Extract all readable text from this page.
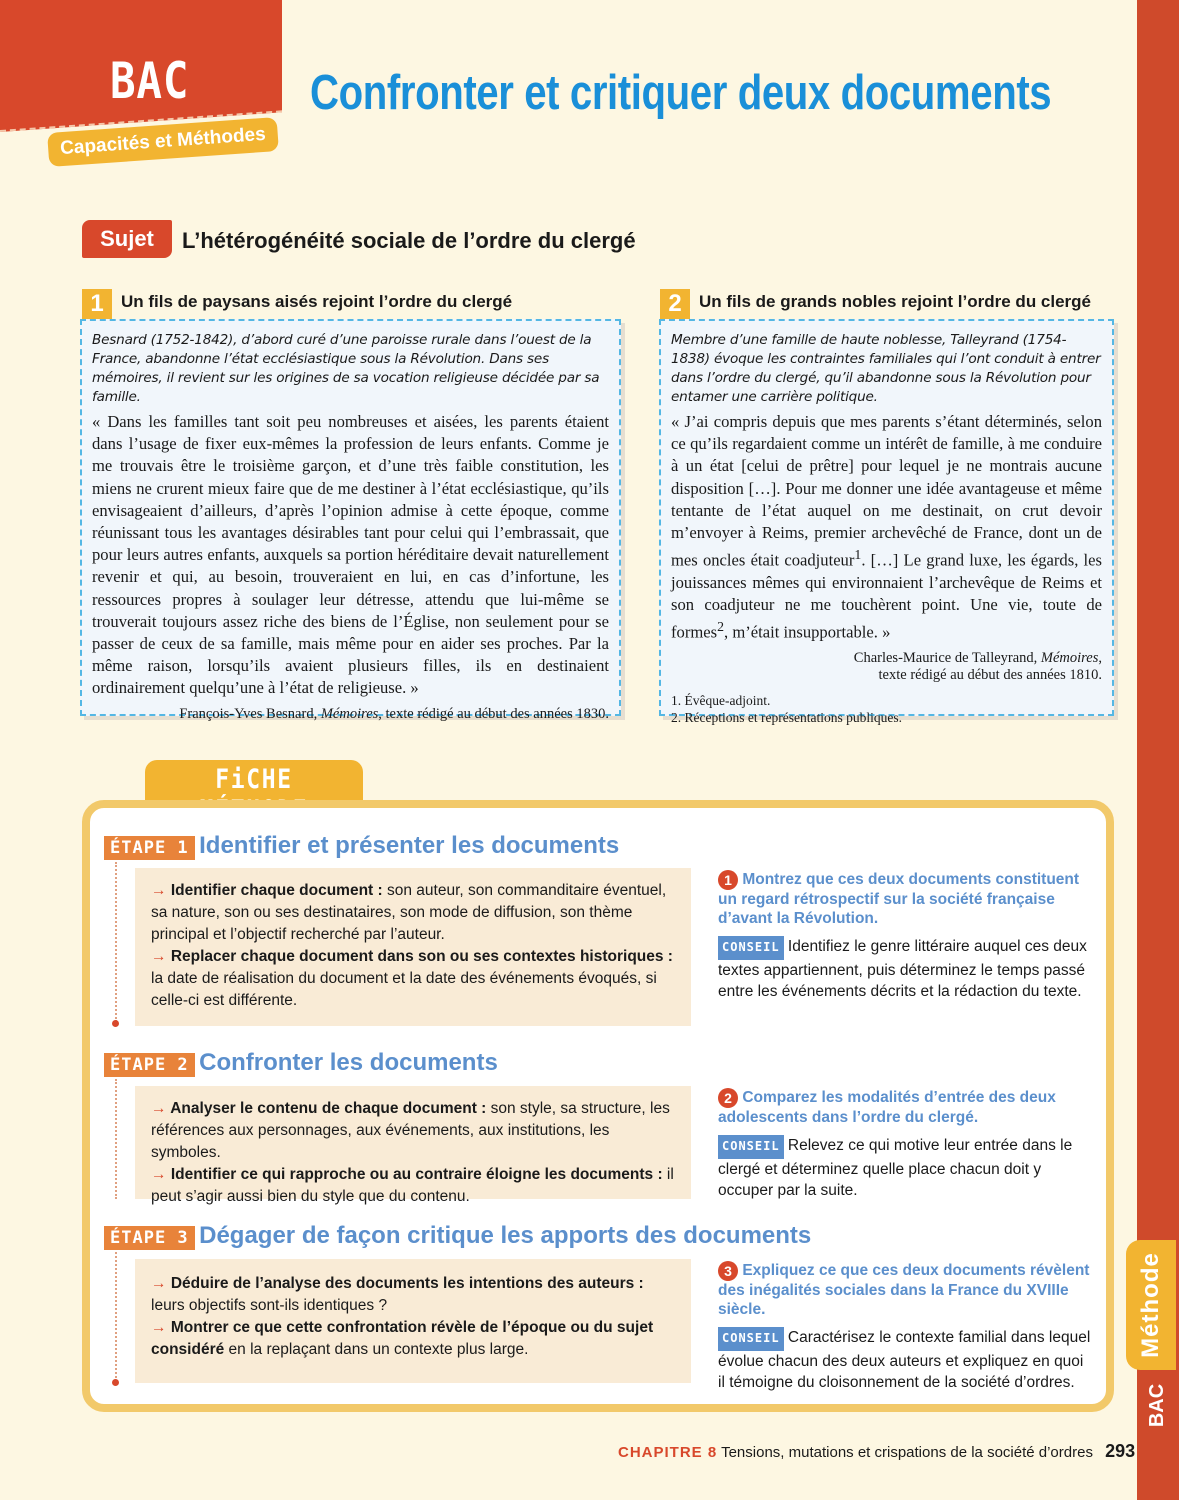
Méthode
BAC
BAC
Capacités et Méthodes
Confronter et critiquer deux documents
Sujet	L’hétérogénéité sociale de l’ordre du clergé
1	Un fils de paysans aisés rejoint l’ordre du clergé

Besnard (1752-1842), d’abord curé d’une paroisse rurale dans l’ouest de la France, abandonne l’état ecclésiastique sous la Révolution. Dans ses mémoires, il revient sur les origines de sa vocation religieuse décidée par sa famille.

« Dans les familles tant soit peu nombreuses et aisées, les parents étaient dans l’usage de fixer eux-mêmes la profession de leurs enfants. Comme je me trouvais être le troisième garçon, et d’une très faible constitution, les miens ne crurent mieux faire que de me destiner à l’état ecclésiastique, qu’ils envisageaient d’ailleurs, d’après l’opinion admise à cette époque, comme réunissant tous les avantages désirables tant pour celui qui l’embrassait, que pour leurs autres enfants, auxquels sa portion héréditaire devait naturellement revenir et qui, au besoin, trouveraient en lui, en cas d’infortune, les ressources propres à soulager leur détresse, attendu que lui-même se trouverait toujours assez riche des biens de l’Église, non seulement pour se passer de ceux de sa famille, mais même pour en aider ses proches. Par la même raison, lorsqu’ils avaient plusieurs filles, ils en destinaient ordinairement quelqu’une à l’état de religieuse. »

François-Yves Besnard, Mémoires, texte rédigé au début des années 1830.

2	Un fils de grands nobles rejoint l’ordre du clergé

Membre d’une famille de haute noblesse, Talleyrand (1754-1838) évoque les contraintes familiales qui l’ont conduit à entrer dans l’ordre du clergé, qu’il abandonne sous la Révolution pour entamer une carrière politique.

« J’ai compris depuis que mes parents s’étant déterminés, selon ce qu’ils regardaient comme un intérêt de famille, à me conduire à un état [celui de prêtre] pour lequel je ne montrais aucune disposition […]. Pour me donner une idée avantageuse et même tentante de l’état auquel on me destinait, on crut devoir m’envoyer à Reims, premier archevêché de France, dont un de mes oncles était coadjuteur$^1$. […] Le grand luxe, les égards, les jouissances mêmes qui environnaient l’archevêque de Reims et son coadjuteur ne me touchèrent point. Une vie, toute de formes$^2$, m’était insupportable. »

Charles-Maurice de Talleyrand, Mémoires,
texte rédigé au début des années 1810.

1. Évêque-adjoint.
2. Réceptions et représentations publiques.
FiCHE
ÉTAPE 1 Identifier et présenter les documents

→ Identifier chaque document : son auteur, son commanditaire éventuel, sa nature, son ou ses destinataires, son mode de diffusion, son thème principal et l’objectif recherché par l’auteur.

→ Replacer chaque document dans son ou ses contextes historiques : la date de réalisation du document et la date des événements évoqués, si celle-ci est différente.

1 Montrez que ces deux documents constituent un regard rétrospectif sur la société française d’avant la Révolution.

CONSEIL Identifiez le genre littéraire auquel ces deux textes appartiennent, puis déterminez le temps passé entre les événements décrits et la rédaction du texte.

ÉTAPE 2 Confronter les documents

→ Analyser le contenu de chaque document : son style, sa structure, les références aux personnages, aux événements, aux institutions, les symboles.

→ Identifier ce qui rapproche ou au contraire éloigne les documents : il peut s’agir aussi bien du style que du contenu.

2 Comparez les modalités d’entrée des deux adolescents dans l’ordre du clergé.

CONSEIL Relevez ce qui motive leur entrée dans le clergé et déterminez quelle place chacun doit y occuper par la suite.

ÉTAPE 3 Dégager de façon critique les apports des documents

→ Déduire de l’analyse des documents les intentions des auteurs : leurs objectifs sont-ils identiques ?

→ Montrer ce que cette confrontation révèle de l’époque ou du sujet considéré en la replaçant dans un contexte plus large.

3 Expliquez ce que ces deux documents révèlent des inégalités sociales dans la France du XVIIIe siècle.

CONSEIL Caractérisez le contexte familial dans lequel évolue chacun des deux auteurs et expliquez en quoi il témoigne du cloisonnement de la société d’ordres.

CHAPITRE 8 Tensions, mutations et crispations de la société d’ordres 293
